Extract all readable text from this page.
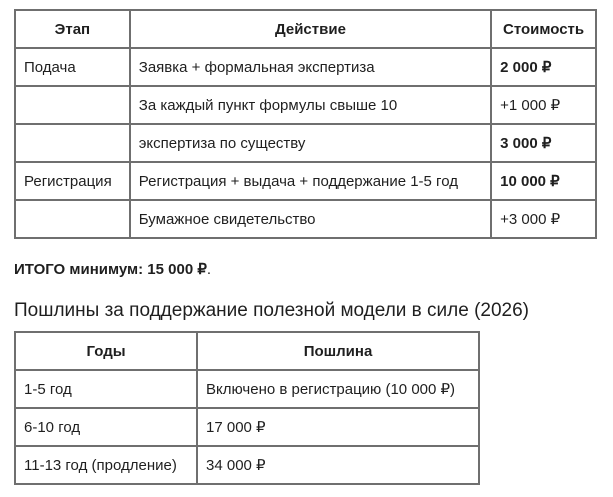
Этап	Действие	Стоимость
Подача	Заявка + формальная экспертиза	2 000 ₽
	За каждый пункт формулы свыше 10	+1 000 ₽
	экспертиза по существу	3 000 ₽
Регистрация	Регистрация + выдача + поддержание 1-5 год	10 000 ₽
	Бумажное свидетельство	+3 000 ₽
ИТОГО минимум: 15 000 ₽.
Пошлины за поддержание полезной модели в силе (2026)
Годы	Пошлина
1-5 год	Включено в регистрацию (10 000 ₽)
6-10 год	17 000 ₽
11-13 год (продление)	34 000 ₽
